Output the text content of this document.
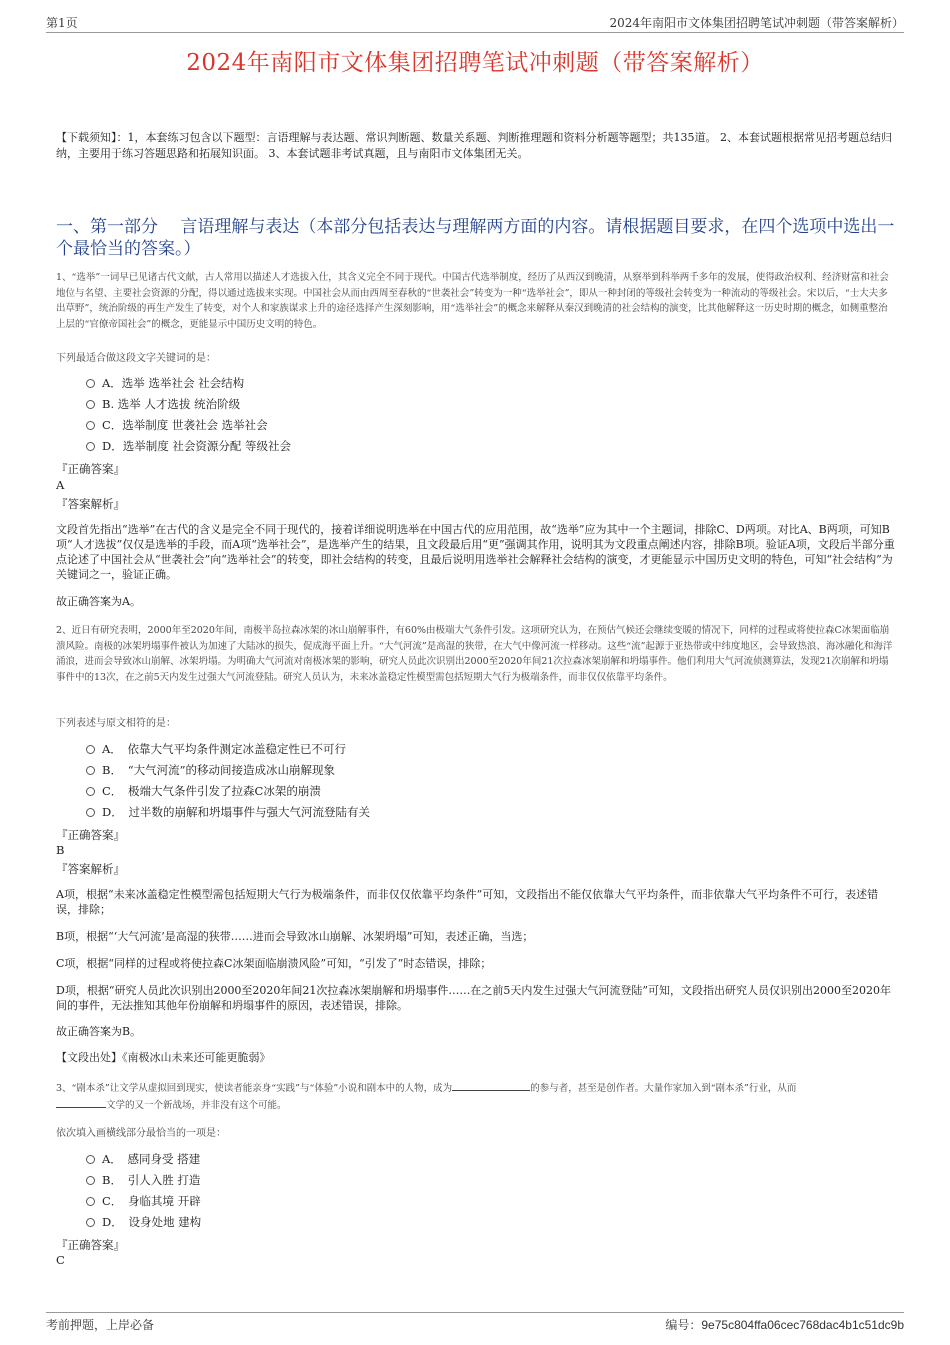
第1页	2024年南阳市文体集团招聘笔试冲刺题（带答案解析）
2024年南阳市文体集团招聘笔试冲刺题（带答案解析）
【下载须知】：1，本套练习包含以下题型：言语理解与表达题、常识判断题、数量关系题、判断推理题和资料分析题等题型；共135道。 2、本套试题根据常见招考题总结归纳，主要用于练习答题思路和拓展知识面。 3、本套试题非考试真题，且与南阳市文体集团无关。
一、第一部分　 言语理解与表达（本部分包括表达与理解两方面的内容。请根据题目要求，在四个选项中选出一个最恰当的答案。）
1、“选举”一词早已见诸古代文献，古人常用以描述人才选拔入仕，其含义完全不同于现代。中国古代选举制度，经历了从西汉到晚清，从察举到科举两千多年的发展，使得政治权利、经济财富和社会地位与名望、主要社会资源的分配，得以通过选拔来实现。中国社会从而由西周至春秋的“世袭社会”转变为一种“选举社会”，即从一种封闭的等级社会转变为一种流动的等级社会。宋以后，“士大夫多出草野”，统治阶级的再生产发生了转变，对个人和家族谋求上升的途径选择产生深刻影响，用“选举社会”的概念来解释从秦汉到晚清的社会结构的演变，比其他解释这一历史时期的概念，如侧重整治上层的“官僚帝国社会”的概念，更能显示中国历史文明的特色。
下列最适合做这段文字关键词的是：
A．选举 选举社会 社会结构
B. 选举 人才选拔 统治阶级
C．选举制度 世袭社会 选举社会
D．选举制度 社会资源分配 等级社会
『正确答案』
A
『答案解析』
文段首先指出“选举”在古代的含义是完全不同于现代的，接着详细说明选举在中国古代的应用范围，故“选举”应为其中一个主题词，排除C、D两项。对比A、B两项，可知B项“人才选拔”仅仅是选举的手段，而A项“选举社会”，是选举产生的结果，且文段最后用“更”强调其作用，说明其为文段重点阐述内容，排除B项。验证A项，文段后半部分重点论述了中国社会从“世袭社会”向“选举社会”的转变，即社会结构的转变，且最后说明用选举社会解释社会结构的演变，才更能显示中国历史文明的特色，可知“社会结构”为关键词之一，验证正确。
故正确答案为A。
2、近日有研究表明，2000年至2020年间，南极半岛拉森冰架的冰山崩解事件，有60%由极端大气条件引发。这项研究认为，在预估气候还会继续变暖的情况下，同样的过程或将使拉森C冰架面临崩溃风险。南极的冰架坍塌事件被认为加速了大陆冰的损失，促成海平面上升。“大气河流”是高湿的狭带，在大气中像河流一样移动。这些“流”起源于亚热带或中纬度地区，会导致热浪、海冰融化和海洋涌浪，进而会导致冰山崩解、冰架坍塌。为明确大气河流对南极冰架的影响，研究人员此次识别出2000至2020年间21次拉森冰架崩解和坍塌事件。他们利用大气河流侦测算法，发现21次崩解和坍塌事件中的13次，在之前5天内发生过强大气河流登陆。研究人员认为，未来冰盖稳定性模型需包括短期大气行为极端条件，而非仅仅依靠平均条件。
下列表述与原文相符的是：
A．　依靠大气平均条件测定冰盖稳定性已不可行
B．　“大气河流”的移动间接造成冰山崩解现象
C．　极端大气条件引发了拉森C冰架的崩溃
D．　过半数的崩解和坍塌事件与强大气河流登陆有关
『正确答案』
B
『答案解析』
A项，根据“未来冰盖稳定性模型需包括短期大气行为极端条件，而非仅仅依靠平均条件”可知，文段指出不能仅依靠大气平均条件，而非依靠大气平均条件不可行，表述错误，排除；
B项，根据“‘大气河流’是高湿的狭带……进而会导致冰山崩解、冰架坍塌”可知，表述正确，当选；
C项，根据“同样的过程或将使拉森C冰架面临崩溃风险”可知，“引发了”时态错误，排除；
D项，根据“研究人员此次识别出2000至2020年间21次拉森冰架崩解和坍塌事件……在之前5天内发生过强大气河流登陆”可知，文段指出研究人员仅识别出2000至2020年间的事件，无法推知其他年份崩解和坍塌事件的原因，表述错误，排除。
故正确答案为B。
【文段出处】《南极冰山未来还可能更脆弱》
3、“剧本杀”让文学从虚拟回到现实，使读者能亲身“实践”与“体验”小说和剧本中的人物，成为	的参与者，甚至是创作者。大量作家加入到“剧本杀”行业，从而
文学的又一个新战场，并非没有这个可能。
依次填入画横线部分最恰当的一项是：
A．　感同身受 搭建
B．　引人入胜 打造
C．　身临其境 开辟
D．　设身处地 建构
『正确答案』
C
考前押题，上岸必备	编号：9e75c804ffa06cec768dac4b1c51dc9b
